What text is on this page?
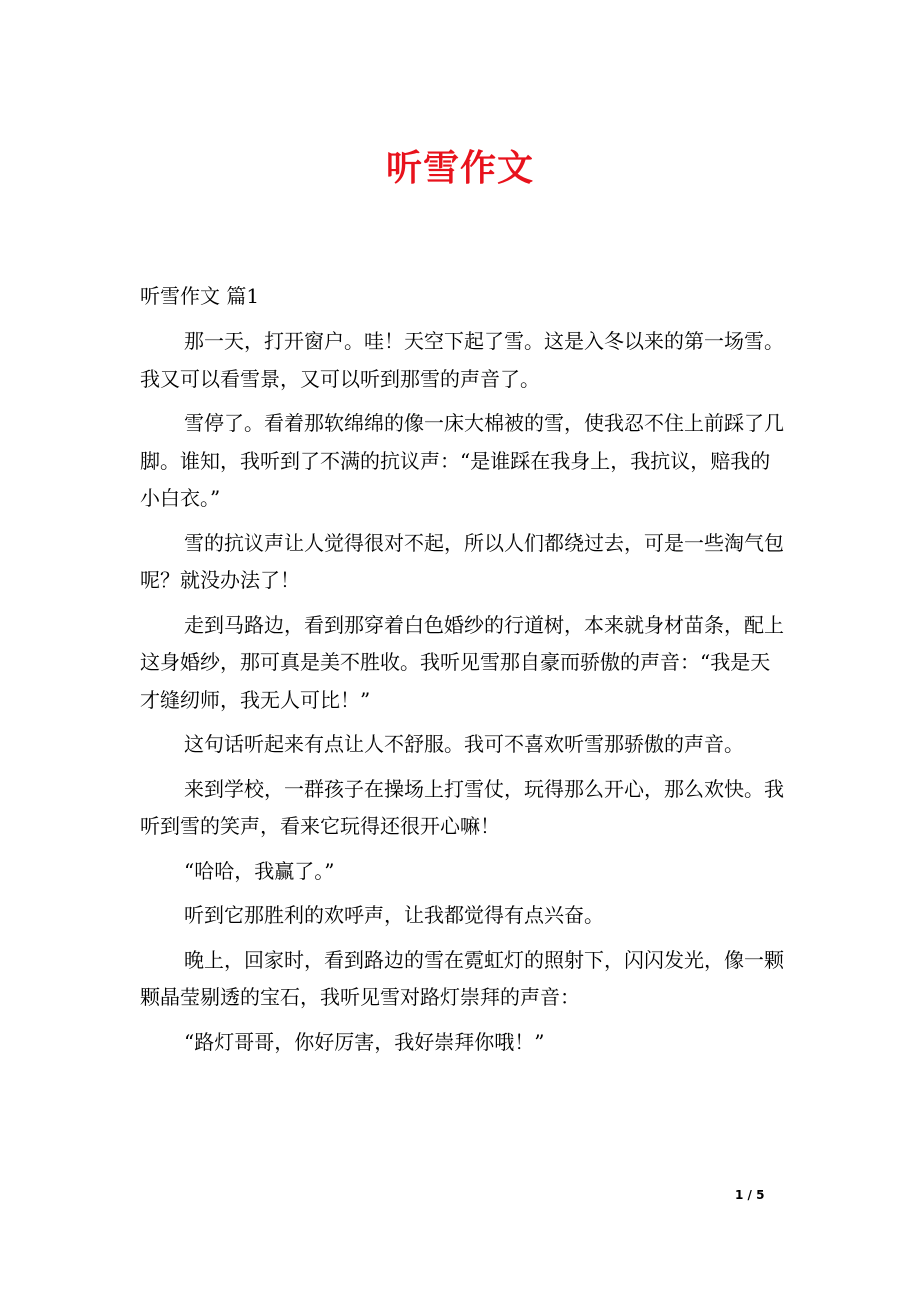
听雪作文
听雪作文 篇1

那一天，打开窗户。哇！天空下起了雪。这是入冬以来的第一场雪。我又可以看雪景，又可以听到那雪的声音了。

雪停了。看着那软绵绵的像一床大棉被的雪，使我忍不住上前踩了几脚。谁知，我听到了不满的抗议声：“是谁踩在我身上，我抗议，赔我的小白衣。”

雪的抗议声让人觉得很对不起，所以人们都绕过去，可是一些淘气包呢？就没办法了！

走到马路边，看到那穿着白色婚纱的行道树，本来就身材苗条，配上这身婚纱，那可真是美不胜收。我听见雪那自豪而骄傲的声音：“我是天才缝纫师，我无人可比！”

这句话听起来有点让人不舒服。我可不喜欢听雪那骄傲的声音。

来到学校，一群孩子在操场上打雪仗，玩得那么开心，那么欢快。我听到雪的笑声，看来它玩得还很开心嘛！

“哈哈，我赢了。”

听到它那胜利的欢呼声，让我都觉得有点兴奋。

晚上，回家时，看到路边的雪在霓虹灯的照射下，闪闪发光，像一颗颗晶莹剔透的宝石，我听见雪对路灯崇拜的声音：

“路灯哥哥，你好厉害，我好崇拜你哦！”

1 / 5
